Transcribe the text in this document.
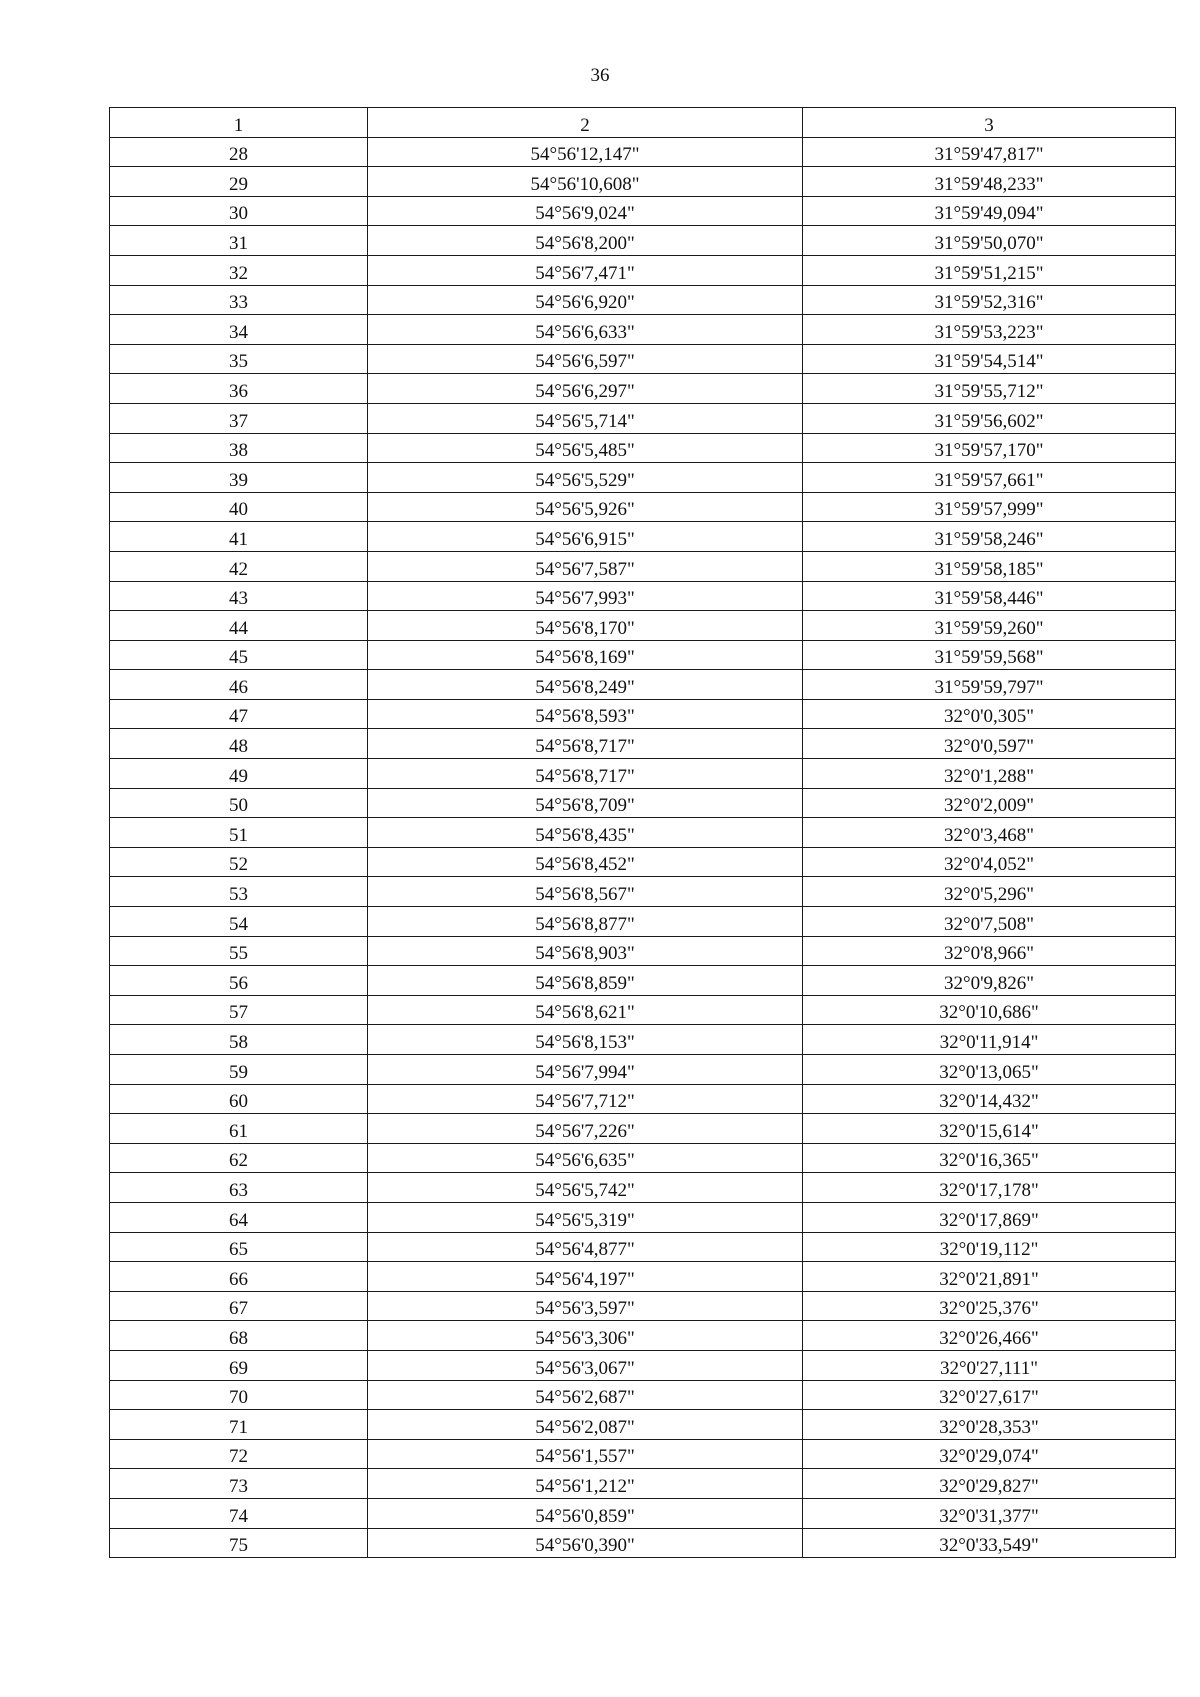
36
1	2	3
28	54°56'12,147"	31°59'47,817"
29	54°56'10,608"	31°59'48,233"
30	54°56'9,024"	31°59'49,094"
31	54°56'8,200"	31°59'50,070"
32	54°56'7,471"	31°59'51,215"
33	54°56'6,920"	31°59'52,316"
34	54°56'6,633"	31°59'53,223"
35	54°56'6,597"	31°59'54,514"
36	54°56'6,297"	31°59'55,712"
37	54°56'5,714"	31°59'56,602"
38	54°56'5,485"	31°59'57,170"
39	54°56'5,529"	31°59'57,661"
40	54°56'5,926"	31°59'57,999"
41	54°56'6,915"	31°59'58,246"
42	54°56'7,587"	31°59'58,185"
43	54°56'7,993"	31°59'58,446"
44	54°56'8,170"	31°59'59,260"
45	54°56'8,169"	31°59'59,568"
46	54°56'8,249"	31°59'59,797"
47	54°56'8,593"	32°0'0,305"
48	54°56'8,717"	32°0'0,597"
49	54°56'8,717"	32°0'1,288"
50	54°56'8,709"	32°0'2,009"
51	54°56'8,435"	32°0'3,468"
52	54°56'8,452"	32°0'4,052"
53	54°56'8,567"	32°0'5,296"
54	54°56'8,877"	32°0'7,508"
55	54°56'8,903"	32°0'8,966"
56	54°56'8,859"	32°0'9,826"
57	54°56'8,621"	32°0'10,686"
58	54°56'8,153"	32°0'11,914"
59	54°56'7,994"	32°0'13,065"
60	54°56'7,712"	32°0'14,432"
61	54°56'7,226"	32°0'15,614"
62	54°56'6,635"	32°0'16,365"
63	54°56'5,742"	32°0'17,178"
64	54°56'5,319"	32°0'17,869"
65	54°56'4,877"	32°0'19,112"
66	54°56'4,197"	32°0'21,891"
67	54°56'3,597"	32°0'25,376"
68	54°56'3,306"	32°0'26,466"
69	54°56'3,067"	32°0'27,111"
70	54°56'2,687"	32°0'27,617"
71	54°56'2,087"	32°0'28,353"
72	54°56'1,557"	32°0'29,074"
73	54°56'1,212"	32°0'29,827"
74	54°56'0,859"	32°0'31,377"
75	54°56'0,390"	32°0'33,549"
